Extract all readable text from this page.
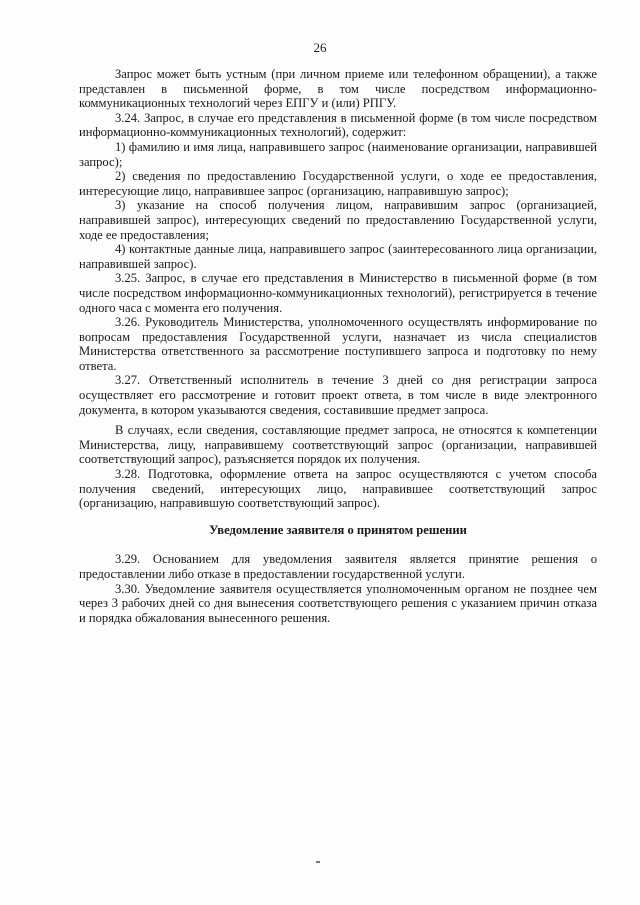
26

Запрос может быть устным (при личном приеме или телефонном обращении), а также представлен в письменной форме, в том числе посредством информационно-коммуникационных технологий через ЕПГУ и (или) РПГУ.

3.24. Запрос, в случае его представления в письменной форме (в том числе посредством информационно-коммуникационных технологий), содержит:

1) фамилию и имя лица, направившего запрос (наименование организации, направившей запрос);

2) сведения по предоставлению Государственной услуги, о ходе ее предоставления, интересующие лицо, направившее запрос (организацию, направившую запрос);

3) указание на способ получения лицом, направившим запрос (организацией, направившей запрос), интересующих сведений по предоставлению Государственной услуги, ходе ее предоставления;

4) контактные данные лица, направившего запрос (заинтересованного лица организации, направившей запрос).

3.25. Запрос, в случае его представления в Министерство в письменной форме (в том числе посредством информационно-коммуникационных технологий), регистрируется в течение одного часа с момента его получения.

3.26. Руководитель Министерства, уполномоченного осуществлять информирование по вопросам предоставления Государственной услуги, назначает из числа специалистов Министерства ответственного за рассмотрение поступившего запроса и подготовку по нему ответа.

3.27. Ответственный исполнитель в течение 3 дней со дня регистрации запроса осуществляет его рассмотрение и готовит проект ответа, в том числе в виде электронного документа, в котором указываются сведения, составившие предмет запроса.

В случаях, если сведения, составляющие предмет запроса, не относятся к компетенции Министерства, лицу, направившему соответствующий запрос (организации, направившей соответствующий запрос), разъясняется порядок их получения.

3.28. Подготовка, оформление ответа на запрос осуществляются с учетом способа получения сведений, интересующих лицо, направившее соответствующий запрос (организацию, направившую соответствующий запрос).

Уведомление заявителя о принятом решении

3.29. Основанием для уведомления заявителя является принятие решения о предоставлении либо отказе в предоставлении государственной услуги.

3.30. Уведомление заявителя осуществляется уполномоченным органом не позднее чем через 3 рабочих дней со дня вынесения соответствующего решения с указанием причин отказа и порядка обжалования вынесенного решения.
